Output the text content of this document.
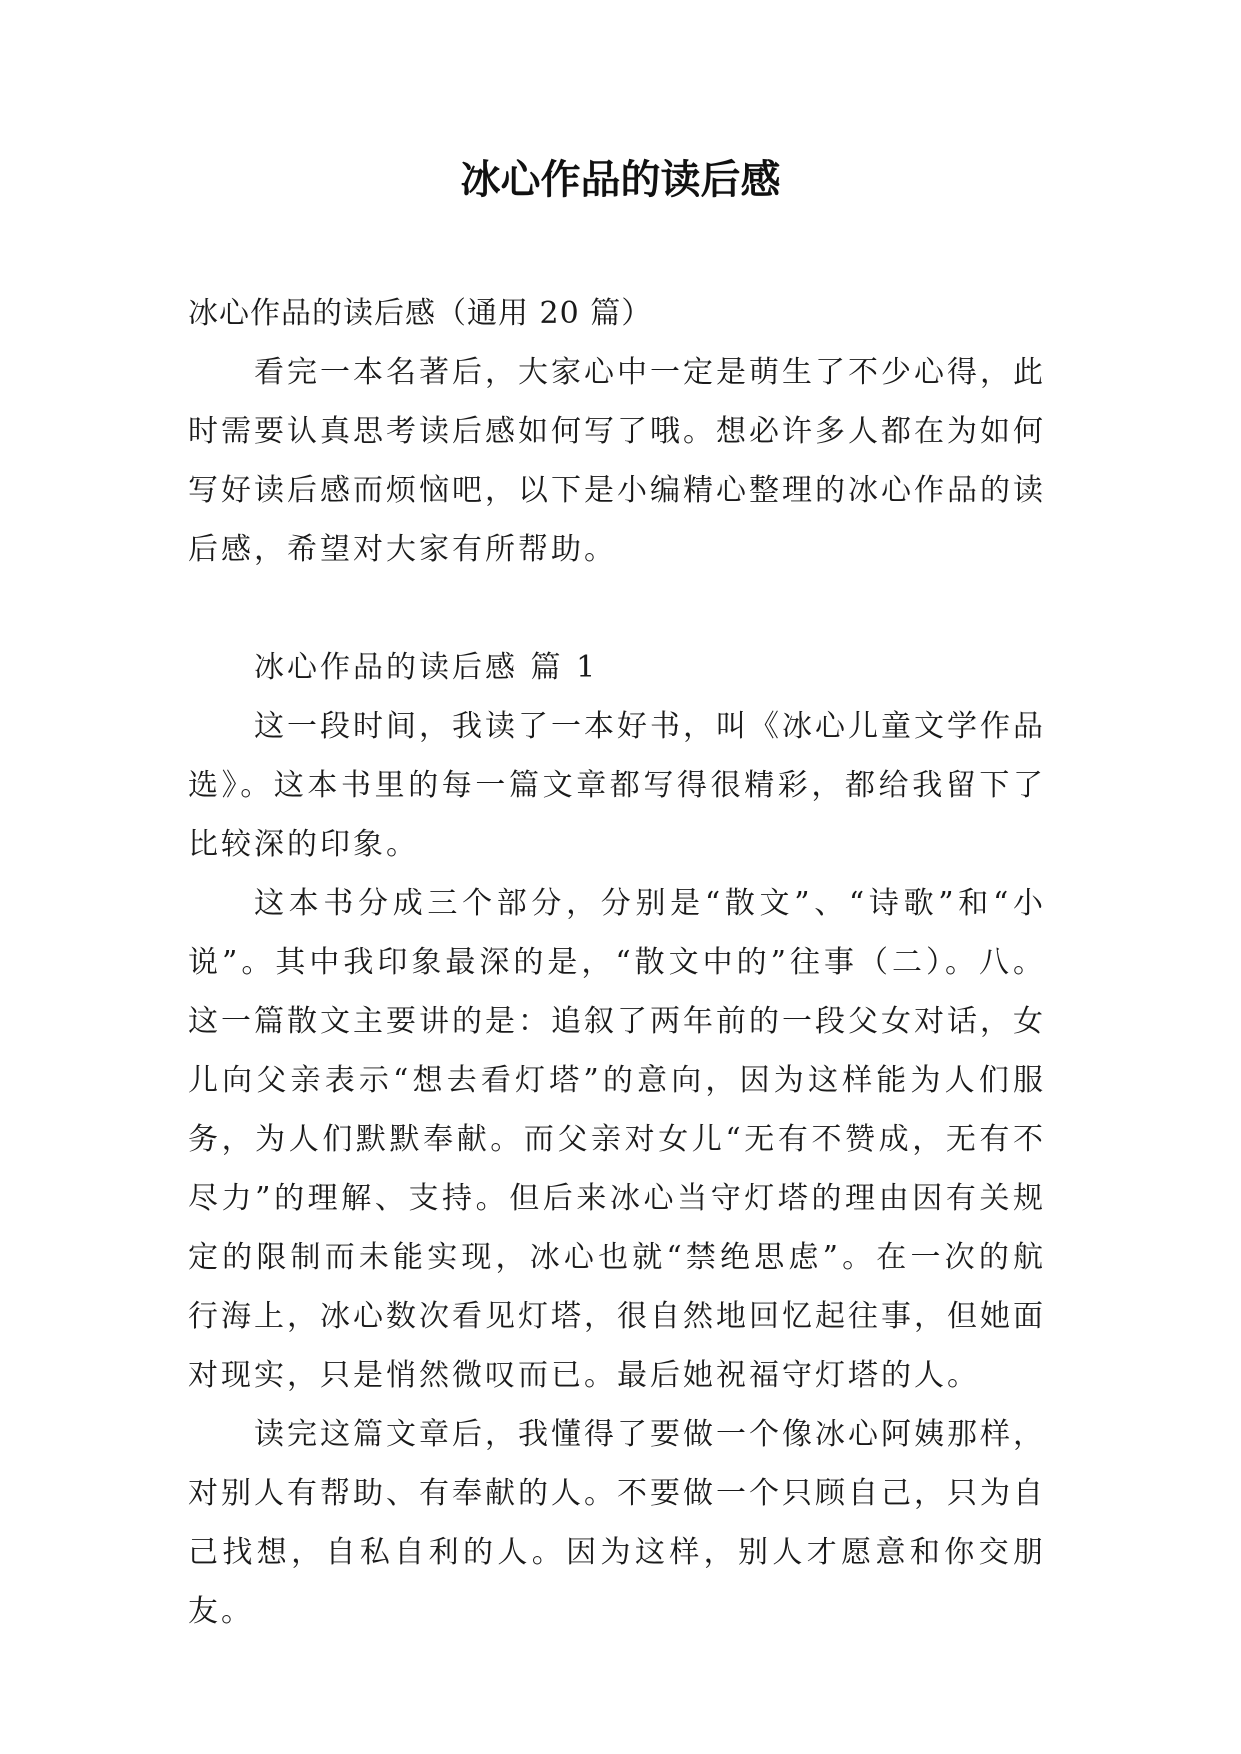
冰心作品的读后感

冰心作品的读后感（通用 20 篇）

看完一本名著后，大家心中一定是萌生了不少心得，此时需要认真思考读后感如何写了哦。想必许多人都在为如何写好读后感而烦恼吧，以下是小编精心整理的冰心作品的读后感，希望对大家有所帮助。

冰心作品的读后感 篇 1

这一段时间，我读了一本好书，叫《冰心儿童文学作品选》。这本书里的每一篇文章都写得很精彩，都给我留下了比较深的印象。

这本书分成三个部分，分别是“散文”、“诗歌”和“小说”。其中我印象最深的是，“散文中的”往事（二）。八。这一篇散文主要讲的是：追叙了两年前的一段父女对话，女儿向父亲表示“想去看灯塔”的意向，因为这样能为人们服务，为人们默默奉献。而父亲对女儿“无有不赞成，无有不尽力”的理解、支持。但后来冰心当守灯塔的理由因有关规定的限制而未能实现，冰心也就“禁绝思虑”。在一次的航行海上，冰心数次看见灯塔，很自然地回忆起往事，但她面对现实，只是悄然微叹而已。最后她祝福守灯塔的人。

读完这篇文章后，我懂得了要做一个像冰心阿姨那样，对别人有帮助、有奉献的人。不要做一个只顾自己，只为自己找想，自私自利的人。因为这样，别人才愿意和你交朋友。
